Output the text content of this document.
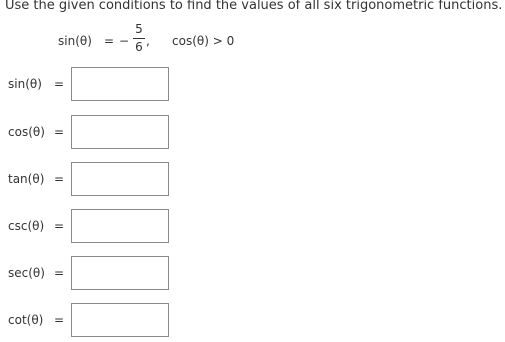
Use the given conditions to find the values of all six trigonometric functions.
sin(θ) = −
5
6 , cos(θ) > 0
sin(θ) =
cos(θ) =
tan(θ) =
csc(θ) =
sec(θ) =
cot(θ) =
